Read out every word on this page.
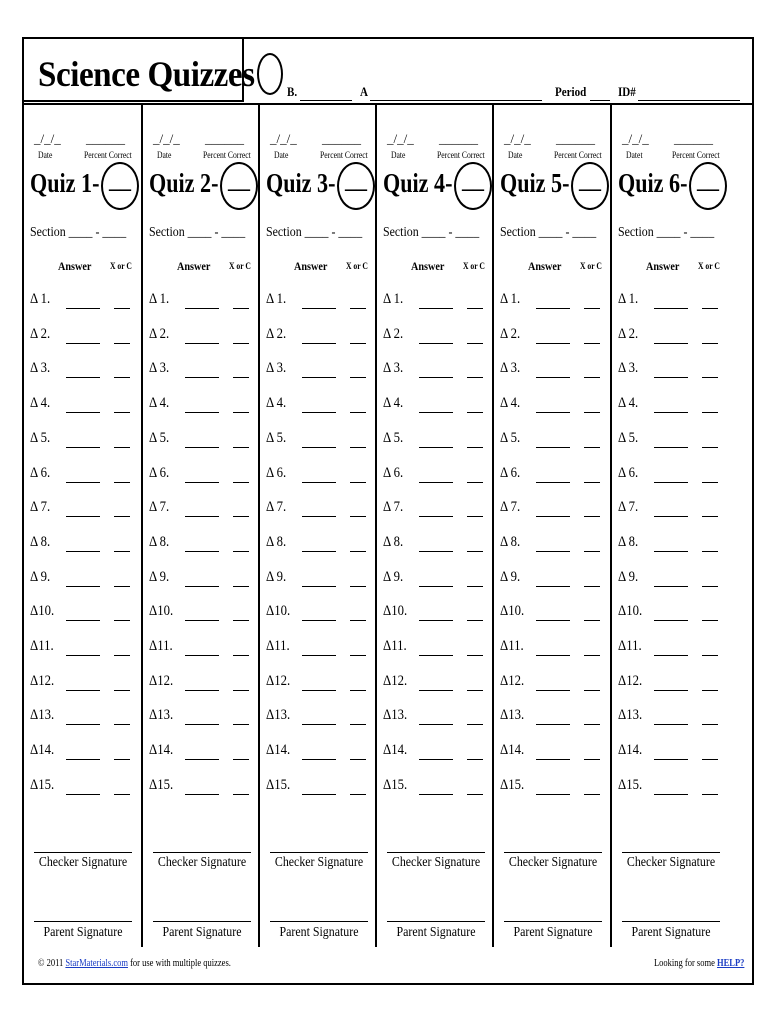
Science Quizzes B.	A	Period ID#
_/_/_ ______
Date	Percent Correct
Quiz 1- __
Section ____ - ____
Answer X or C
Δ 1.
Δ 2.
Δ 3.
Δ 4.
Δ 5.
Δ 6.
Δ 7.
Δ 8.
Δ 9.
Δ10.
Δ11.
Δ12.
Δ13.
Δ14.
Δ15.
Checker Signature
Parent Signature
_/_/_ ______
Date	Percent Correct
Quiz 2- __
Section ____ - ____
Answer X or C
Δ 1.
Δ 2.
Δ 3.
Δ 4.
Δ 5.
Δ 6.
Δ 7.
Δ 8.
Δ 9.
Δ10.
Δ11.
Δ12.
Δ13.
Δ14.
Δ15.
Checker Signature
Parent Signature
_/_/_ ______
Date	Percent Correct
Quiz 3- __
Section ____ - ____
Answer X or C
Δ 1.
Δ 2.
Δ 3.
Δ 4.
Δ 5.
Δ 6.
Δ 7.
Δ 8.
Δ 9.
Δ10.
Δ11.
Δ12.
Δ13.
Δ14.
Δ15.
Checker Signature
Parent Signature
_/_/_ ______
Date	Percent Correct
Quiz 4- __
Section ____ - ____
Answer X or C
Δ 1.
Δ 2.
Δ 3.
Δ 4.
Δ 5.
Δ 6.
Δ 7.
Δ 8.
Δ 9.
Δ10.
Δ11.
Δ12.
Δ13.
Δ14.
Δ15.
Checker Signature
Parent Signature
_/_/_ ______
Date	Percent Correct
Quiz 5- __
Section ____ - ____
Answer X or C
Δ 1.
Δ 2.
Δ 3.
Δ 4.
Δ 5.
Δ 6.
Δ 7.
Δ 8.
Δ 9.
Δ10.
Δ11.
Δ12.
Δ13.
Δ14.
Δ15.
Checker Signature
Parent Signature
_/_/_ ______
Datet	Percent Correct
Quiz 6- __
Section ____ - ____
Answer X or C
Δ 1.
Δ 2.
Δ 3.
Δ 4.
Δ 5.
Δ 6.
Δ 7.
Δ 8.
Δ 9.
Δ10.
Δ11.
Δ12.
Δ13.
Δ14.
Δ15.
Checker Signature
Parent Signature
© 2011 StarMaterials.com for use with multiple quizzes.	Looking for some HELP?
